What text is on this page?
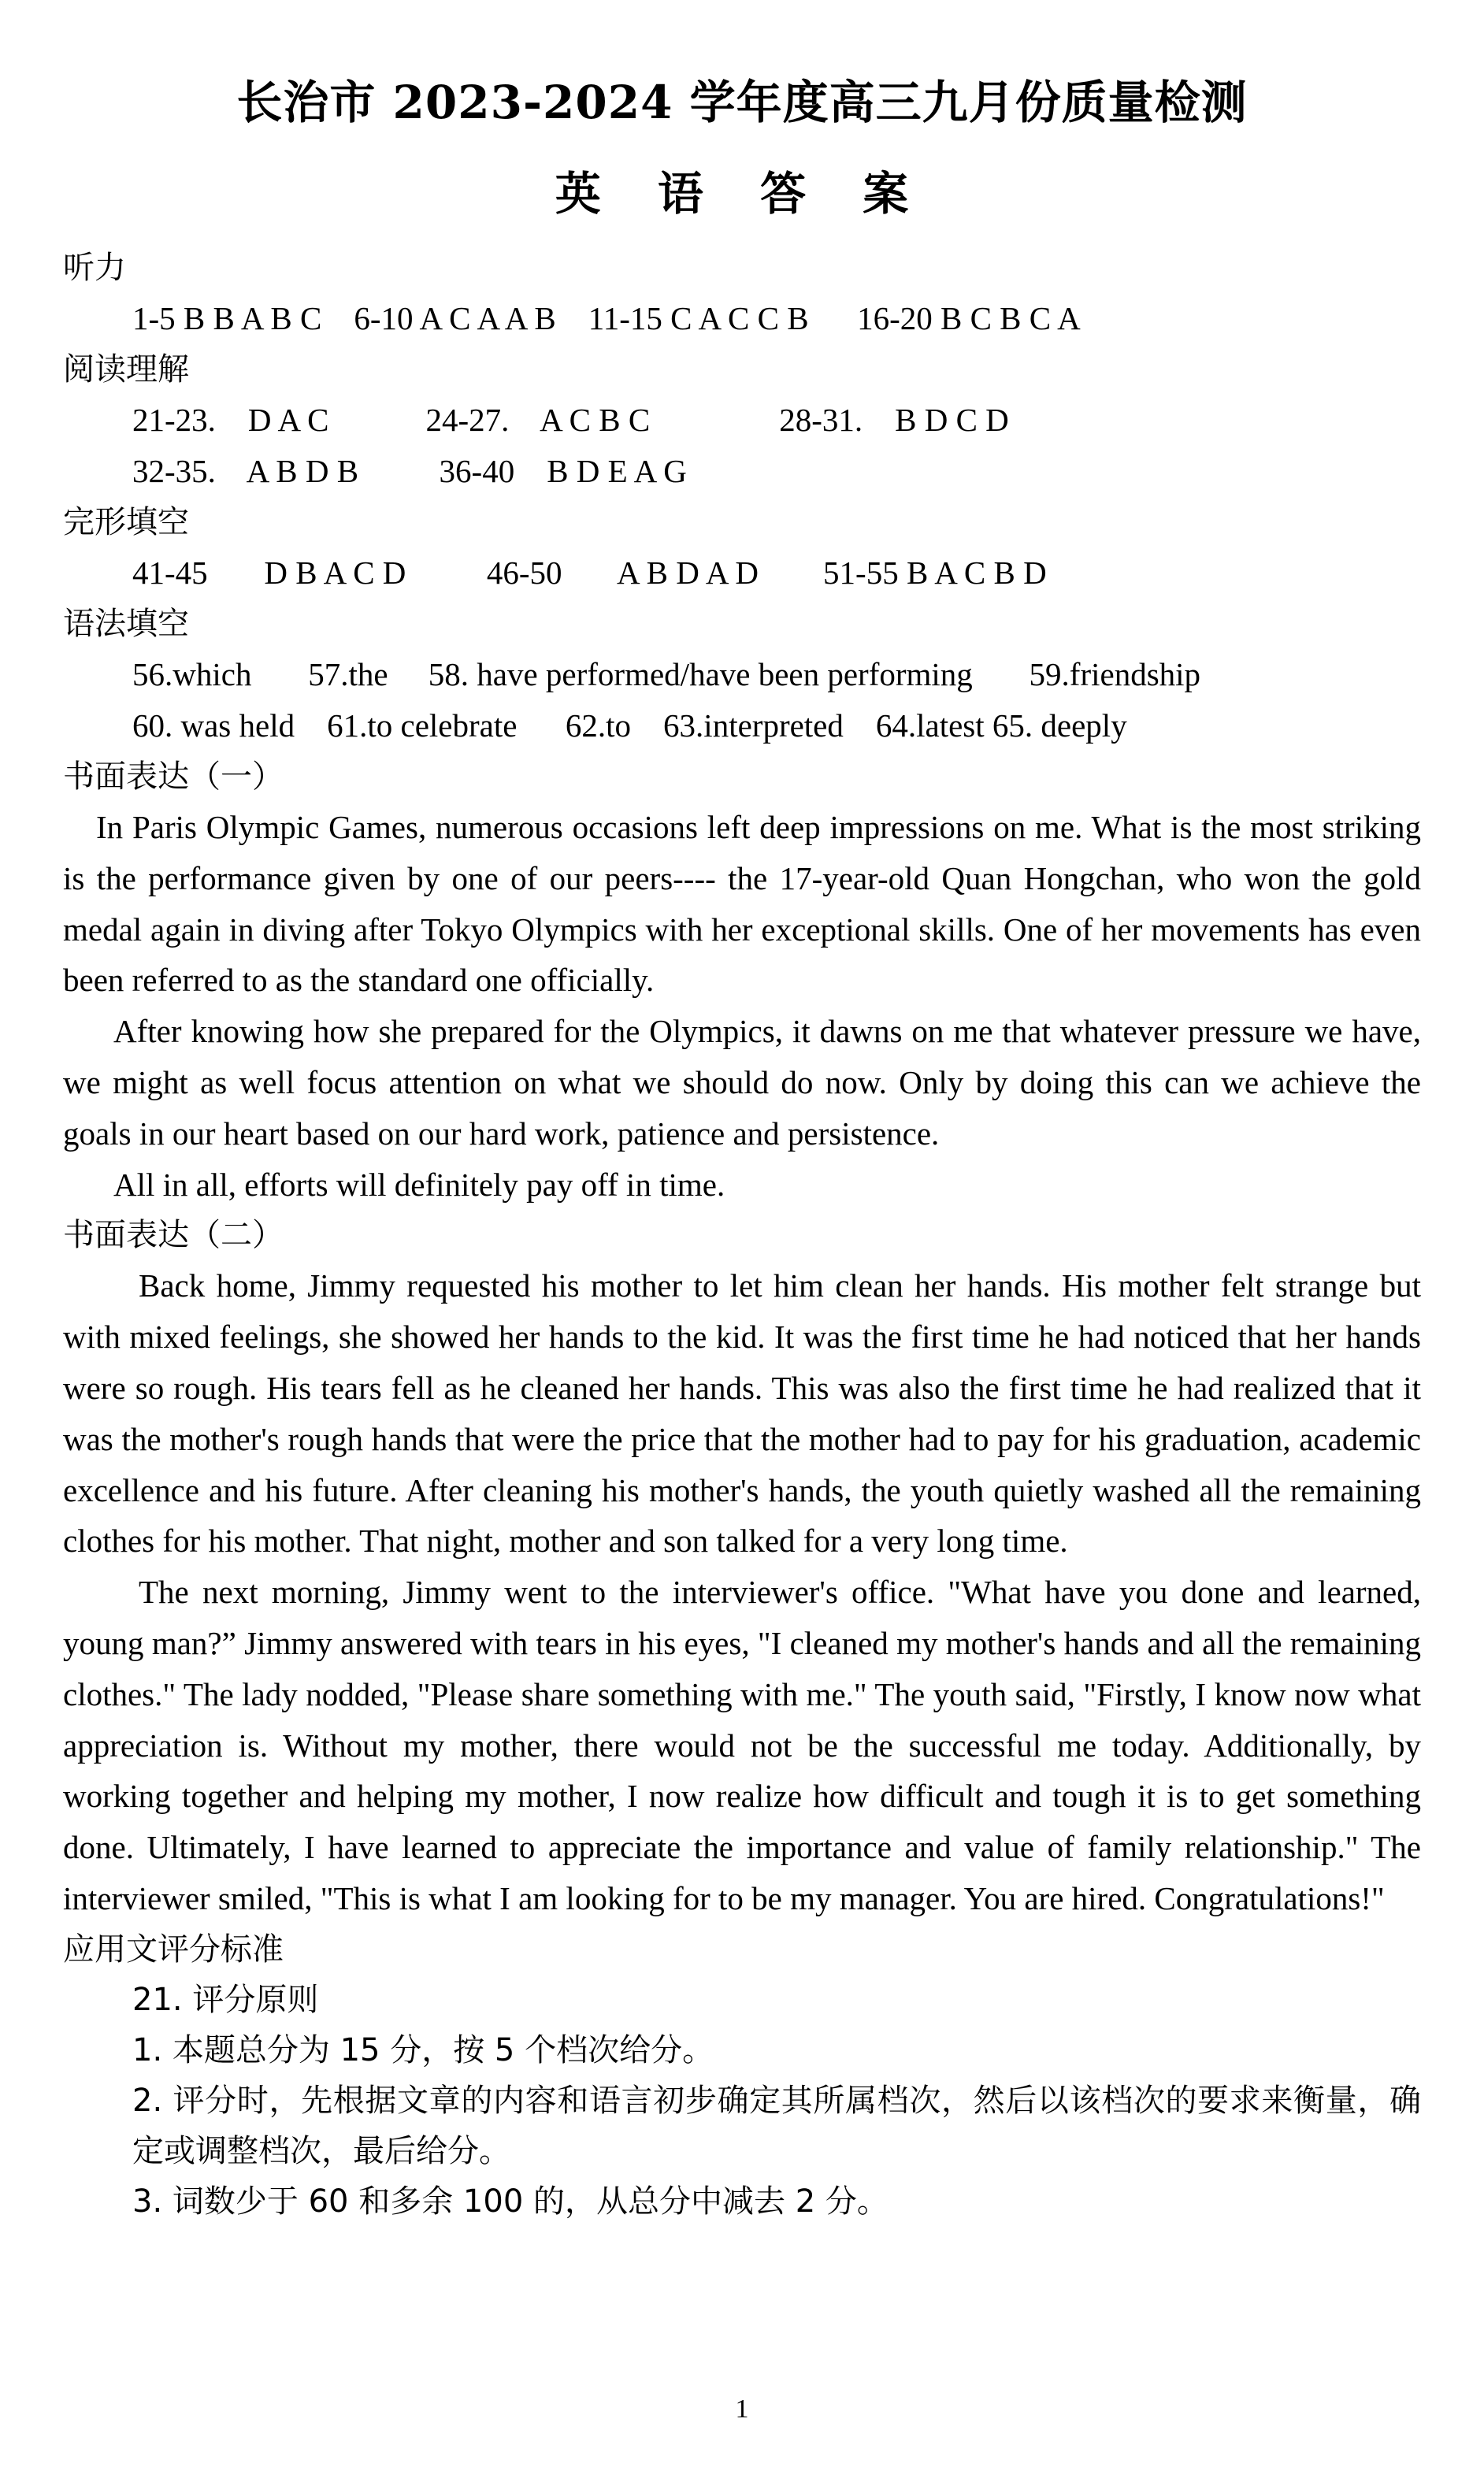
长治市 2023-2024 学年度高三九月份质量检测
英 语 答 案
听力
1-5 B B A B C    6-10 A C A A B    11-15 C A C C B      16-20 B C B C A
阅读理解
21-23.    D A C            24-27.    A C B C                28-31.    B D C D
32-35.    A B D B          36-40    B D E A G
完形填空
41-45       D B A C D          46-50       A B D A D        51-55 B A C B D
语法填空
56.which       57.the     58. have performed/have been performing       59.friendship
60. was held    61.to celebrate      62.to    63.interpreted    64.latest 65. deeply
书面表达（一）
In Paris Olympic Games, numerous occasions left deep impressions on me. What is the most striking is the performance given by one of our peers---- the 17-year-old Quan Hongchan, who won the gold medal again in diving after Tokyo Olympics with her exceptional skills. One of her movements has even been referred to as the standard one officially.
After knowing how she prepared for the Olympics, it dawns on me that whatever pressure we have, we might as well focus attention on what we should do now. Only by doing this can we achieve the goals in our heart based on our hard work, patience and persistence.
All in all, efforts will definitely pay off in time.
书面表达（二）
Back home, Jimmy requested his mother to let him clean her hands. His mother felt strange but with mixed feelings, she showed her hands to the kid. It was the first time he had noticed that her hands were so rough. His tears fell as he cleaned her hands. This was also the first time he had realized that it was the mother's rough hands that were the price that the mother had to pay for his graduation, academic excellence and his future. After cleaning his mother's hands, the youth quietly washed all the remaining clothes for his mother. That night, mother and son talked for a very long time.
The next morning, Jimmy went to the interviewer's office. "What have you done and learned, young man?” Jimmy answered with tears in his eyes, "I cleaned my mother's hands and all the remaining clothes." The lady nodded, "Please share something with me." The youth said, "Firstly, I know now what appreciation is. Without my mother, there would not be the successful me today. Additionally, by working together and helping my mother, I now realize how difficult and tough it is to get something done. Ultimately, I have learned to appreciate the importance and value of family relationship." The interviewer smiled, "This is what I am looking for to be my manager. You are hired. Congratulations!"
应用文评分标准
21. 评分原则
1. 本题总分为 15 分，按 5 个档次给分。
2. 评分时，先根据文章的内容和语言初步确定其所属档次，然后以该档次的要求来衡量，确定或调整档次，最后给分。
3. 词数少于 60 和多余 100 的，从总分中减去 2 分。
1
